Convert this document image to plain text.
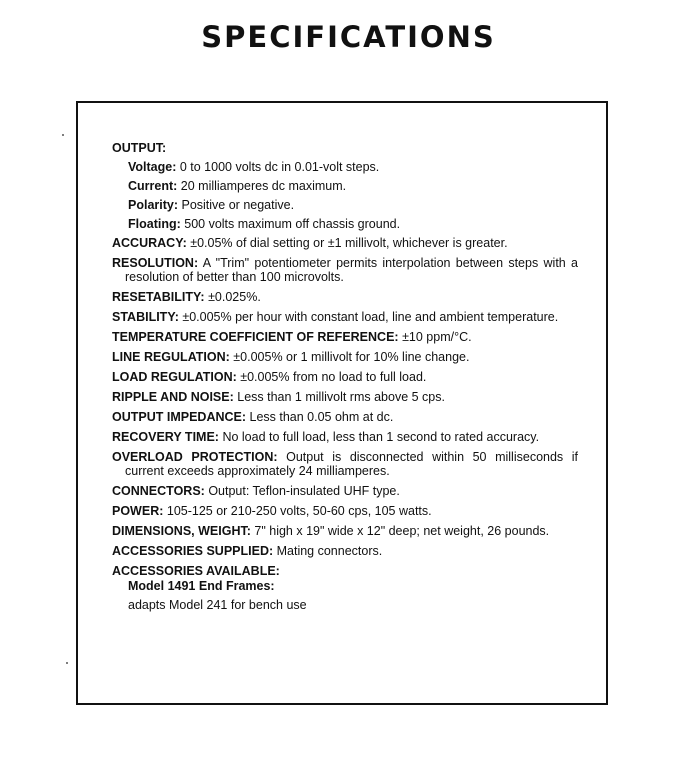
SPECIFICATIONS
OUTPUT:
Voltage: 0 to 1000 volts dc in 0.01-volt steps.
Current: 20 milliamperes dc maximum.
Polarity: Positive or negative.
Floating: 500 volts maximum off chassis ground.
ACCURACY: ±0.05% of dial setting or ±1 millivolt, whichever is greater.
RESOLUTION: A "Trim" potentiometer permits interpolation between steps with a resolution of better than 100 microvolts.
RESETABILITY: ±0.025%.
STABILITY: ±0.005% per hour with constant load, line and ambient temperature.
TEMPERATURE COEFFICIENT OF REFERENCE: ±10 ppm/°C.
LINE REGULATION: ±0.005% or 1 millivolt for 10% line change.
LOAD REGULATION: ±0.005% from no load to full load.
RIPPLE AND NOISE: Less than 1 millivolt rms above 5 cps.
OUTPUT IMPEDANCE: Less than 0.05 ohm at dc.
RECOVERY TIME: No load to full load, less than 1 second to rated accuracy.
OVERLOAD PROTECTION: Output is disconnected within 50 milliseconds if current exceeds approximately 24 milliamperes.
CONNECTORS: Output: Teflon-insulated UHF type.
POWER: 105-125 or 210-250 volts, 50-60 cps, 105 watts.
DIMENSIONS, WEIGHT: 7" high x 19" wide x 12" deep; net weight, 26 pounds.
ACCESSORIES SUPPLIED: Mating connectors.
ACCESSORIES AVAILABLE:
Model 1491 End Frames:
adapts Model 241 for bench use
